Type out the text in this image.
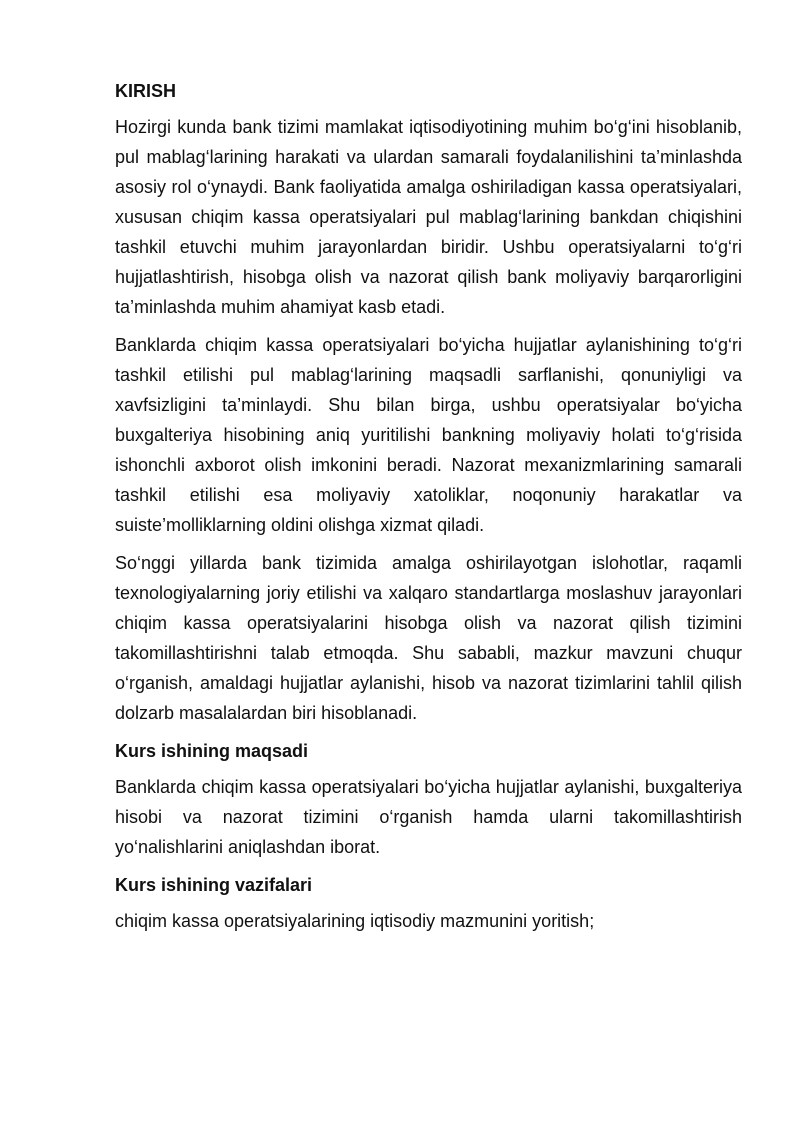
KIRISH

Hozirgi kunda bank tizimi mamlakat iqtisodiyotining muhim bo‘g‘ini hisoblanib, pul mablag‘larining harakati va ulardan samarali foydalanilishini ta’minlashda asosiy rol o‘ynaydi. Bank faoliyatida amalga oshiriladigan kassa operatsiyalari, xususan chiqim kassa operatsiyalari pul mablag‘larining bankdan chiqishini tashkil etuvchi muhim jarayonlardan biridir. Ushbu operatsiyalarni to‘g‘ri hujjatlashtirish, hisobga olish va nazorat qilish bank moliyaviy barqarorligini ta’minlashda muhim ahamiyat kasb etadi.

Banklarda chiqim kassa operatsiyalari bo‘yicha hujjatlar aylanishining to‘g‘ri tashkil etilishi pul mablag‘larining maqsadli sarflanishi, qonuniyligi va xavfsizligini ta’minlaydi. Shu bilan birga, ushbu operatsiyalar bo‘yicha buxgalteriya hisobining aniq yuritilishi bankning moliyaviy holati to‘g‘risida ishonchli axborot olish imkonini beradi. Nazorat mexanizmlarining samarali tashkil etilishi esa moliyaviy xatoliklar, noqonuniy harakatlar va suiste’molliklarning oldini olishga xizmat qiladi.

So‘nggi yillarda bank tizimida amalga oshirilayotgan islohotlar, raqamli texnologiyalarning joriy etilishi va xalqaro standartlarga moslashuv jarayonlari chiqim kassa operatsiyalarini hisobga olish va nazorat qilish tizimini takomillashtirishni talab etmoqda. Shu sababli, mazkur mavzuni chuqur o‘rganish, amaldagi hujjatlar aylanishi, hisob va nazorat tizimlarini tahlil qilish dolzarb masalalardan biri hisoblanadi.

Kurs ishining maqsadi

Banklarda chiqim kassa operatsiyalari bo‘yicha hujjatlar aylanishi, buxgalteriya hisobi va nazorat tizimini o‘rganish hamda ularni takomillashtirish yo‘nalishlarini aniqlashdan iborat.

Kurs ishining vazifalari

chiqim kassa operatsiyalarining iqtisodiy mazmunini yoritish;
